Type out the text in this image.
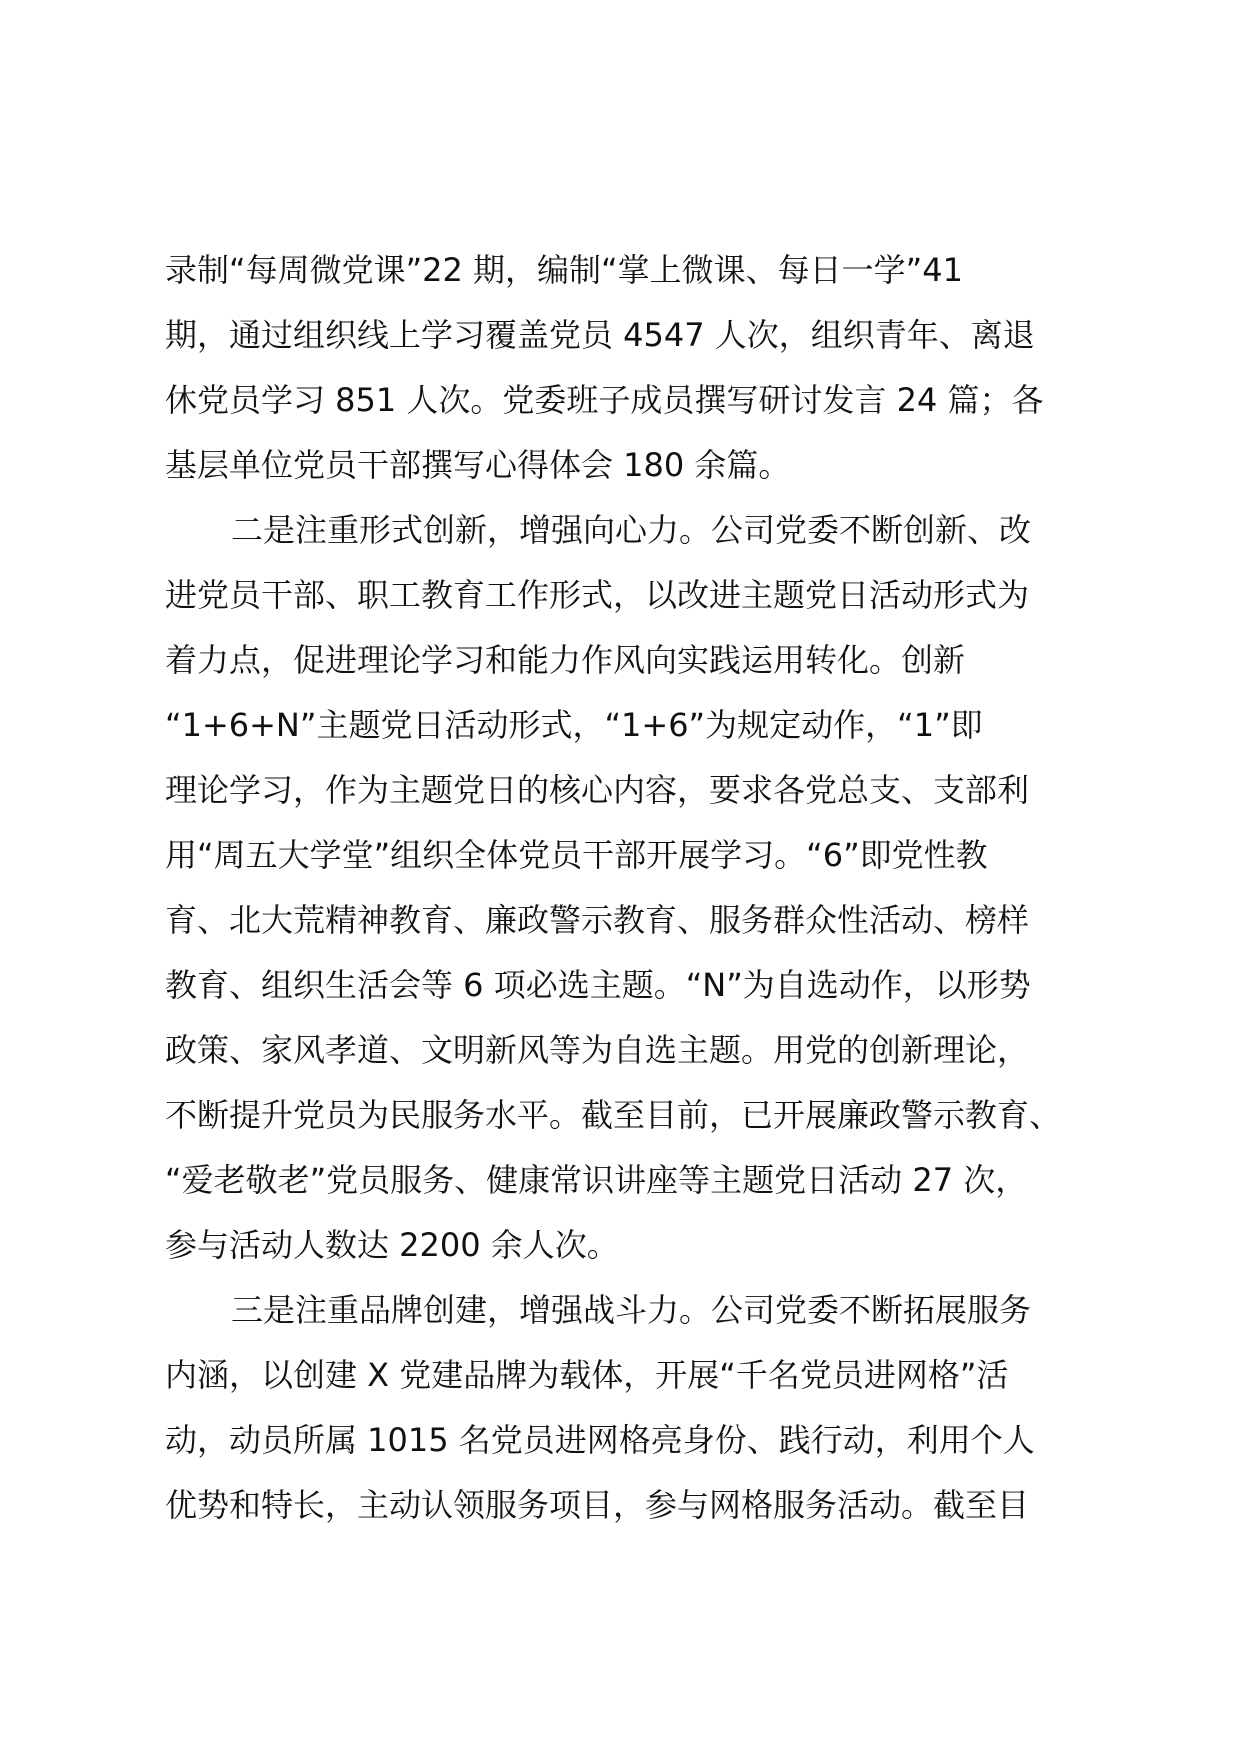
录制“每周微党课”22 期，编制“掌上微课、每日一学”41
期，通过组织线上学习覆盖党员 4547 人次，组织青年、离退
休党员学习 851 人次。党委班子成员撰写研讨发言 24 篇；各
基层单位党员干部撰写心得体会 180 余篇。
二是注重形式创新，增强向心力。公司党委不断创新、改
进党员干部、职工教育工作形式，以改进主题党日活动形式为
着力点，促进理论学习和能力作风向实践运用转化。创新
“1+6+N”主题党日活动形式，“1+6”为规定动作，“1”即
理论学习，作为主题党日的核心内容，要求各党总支、支部利
用“周五大学堂”组织全体党员干部开展学习。“6”即党性教
育、北大荒精神教育、廉政警示教育、服务群众性活动、榜样
教育、组织生活会等 6 项必选主题。“N”为自选动作，以形势
政策、家风孝道、文明新风等为自选主题。用党的创新理论，
不断提升党员为民服务水平。截至目前，已开展廉政警示教育、
“爱老敬老”党员服务、健康常识讲座等主题党日活动 27 次，
参与活动人数达 2200 余人次。
三是注重品牌创建，增强战斗力。公司党委不断拓展服务
内涵，以创建 X 党建品牌为载体，开展“千名党员进网格”活
动，动员所属 1015 名党员进网格亮身份、践行动，利用个人
优势和特长，主动认领服务项目，参与网格服务活动。截至目
